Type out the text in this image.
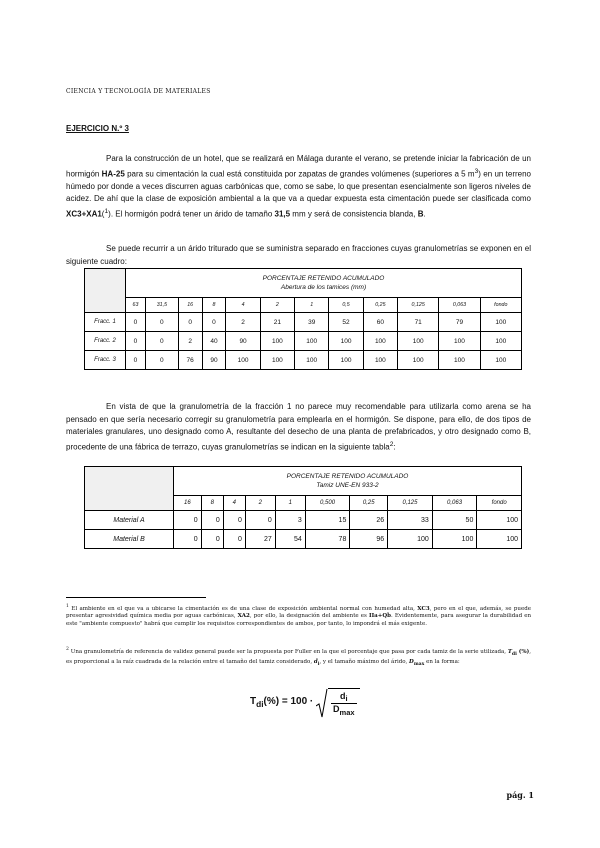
CIENCIA Y TECNOLOGÍA DE MATERIALES
EJERCICIO N.º 3

Para la construcción de un hotel, que se realizará en Málaga durante el verano, se pretende iniciar la fabricación de un hormigón HA-25 para su cimentación la cual está constituida por zapatas de grandes volúmenes (superiores a 5 $m^3$) en un terreno húmedo por donde a veces discurren aguas carbónicas que, como se sabe, lo que presentan esencialmente son ligeros niveles de acidez. De ahí que la clase de exposición ambiental a la que va a quedar expuesta esta cimentación puede ser clasificada como XC3+XA1($^1$). El hormigón podrá tener un árido de tamaño 31,5 mm y será de consistencia blanda, B.

Se puede recurrir a un árido triturado que se suministra separado en fracciones cuyas granulometrías se exponen en el siguiente cuadro:

	PORCENTAJE RETENIDO ACUMULADO
Abertura de los tamices (mm)											
	63	31,5	16	8	4	2	1	0,5	0,25	0,125	0,063	fondo
Fracc. 1	0	0	0	0	2	21	39	52	60	71	79	100
Fracc. 2	0	0	2	40	90	100	100	100	100	100	100	100
Fracc. 3	0	0	76	90	100	100	100	100	100	100	100	100

En vista de que la granulometría de la fracción 1 no parece muy recomendable para utilizarla como arena se ha pensado en que sería necesario corregir su granulometría para emplearla en el hormigón. Se dispone, para ello, de dos tipos de materiales granulares, uno designado como A, resultante del desecho de una planta de prefabricados, y otro designado como B, procedente de una fábrica de terrazo, cuyas granulometrías se indican en la siguiente tabla$^2$:

	PORCENTAJE RETENIDO ACUMULADO
Tamiz UNE-EN 933-2									
	16	8	4	2	1	0,500	0,25	0,125	0,063	fondo
Material A	0	0	0	0	3	15	26	33	50	100
Material B	0	0	0	27	54	78	96	100	100	100

$^1$ El ambiente en el que va a ubicarse la cimentación es de una clase de exposición ambiental normal con humedad alta, XC3, pero en el que, además, se puede presentar agresividad química media por aguas carbónicas, XA2, por ello, la designación del ambiente es IIa+Qb. Evidentemente, para asegurar la durabilidad en este "ambiente compuesto" habrá que cumplir los requisitos correspondientes de ambos, por tanto, lo impondrá el más exigente.

$^2$ Una granulometría de referencia de validez general puede ser la propuesta por Fuller en la que el porcentaje que pasa por cada tamiz de la serie utilizada, $T_{di}$ (%), es proporcional a la raíz cuadrada de la relación entre el tamaño del tamiz considerado, $d_i$, y el tamaño máximo del árido, $D_{max}$ en la forma:

$T_{di}(\%) = 100 \cdot \frac{d_i}{D_{max}}$
pág. 1
